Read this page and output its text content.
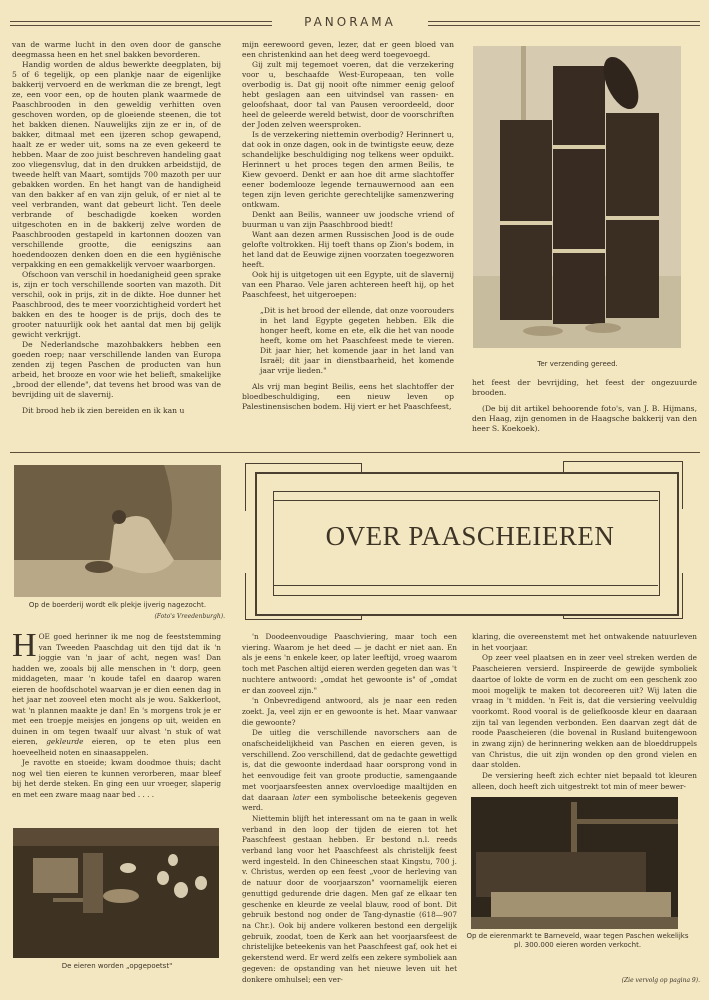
PANORAMA

van de warme lucht in den oven door de gansche deegmassa heen en het snel bakken bevorderen.

Handig worden de aldus bewerkte deegplaten, bij 5 of 6 tegelijk, op een plankje naar de eigenlijke bakkerij vervoerd en de werkman die ze brengt, legt ze, een voor een, op de houten plank waarmede de Paaschbrooden in den geweldig verhitten oven geschoven worden, op de gloeiende steenen, die tot het bakken dienen. Nauwelijks zijn ze er in, of de bakker, ditmaal met een ijzeren schop gewapend, haalt ze er weder uit, soms na ze even gekeerd te hebben. Maar de zoo juist beschreven handeling gaat zoo vliegensvlug, dat in den drukken arbeidstijd, de tweede helft van Maart, somtijds 700 mazoth per uur gebakken worden. En het hangt van de handigheid van den bakker af en van zijn geluk, of er niet al te veel verbranden, want dat gebeurt licht. Ten deele verbrande of beschadigde koeken worden uitgeschoten en in de bakkerij zelve worden de Paaschbrooden gestapeld in kartonnen doozen van verschillende grootte, die eenigszins aan hoedendoozen denken doen en die een hygiënische verpakking en een gemakkelijk vervoer waarborgen.

Ofschoon van verschil in hoedanigheid geen sprake is, zijn er toch verschillende soorten van mazoth. Dit verschil, ook in prijs, zit in de dikte. Hoe dunner het Paaschbrood, des te meer voorzichtigheid vordert het bakken en des te hooger is de prijs, doch des te grooter natuurlijk ook het aantal dat men bij gelijk gewicht verkrijgt.

De Nederlandsche mazohbakkers hebben een goeden roep; naar verschillende landen van Europa zenden zij tegen Paschen de producten van hun arbeid, het brooze en voor wie het belieft, smakelijke „brood der ellende", dat tevens het brood was van de bevrijding uit de slavernij.

Dit brood heb ik zien bereiden en ik kan u

mijn eerewoord geven, lezer, dat er geen bloed van een christenkind aan het deeg werd toegevoegd.

Gij zult mij tegemoet voeren, dat die verzekering voor u, beschaafde West-Europeaan, ten volle overbodig is. Dat gij nooit ofte nimmer eenig geloof hebt geslagen aan een uitvindsel van rassen- en geloofshaat, door tal van Pausen veroordeeld, door heel de geleerde wereld betwist, door de voorschriften der Joden zelven weersproken.

Is de verzekering niettemin overbodig? Herinnert u, dat ook in onze dagen, ook in de twintigste eeuw, deze schandelijke beschuldiging nog telkens weer opduikt. Herinnert u het proces tegen den armen Beilis, te Kiew gevoerd. Denkt er aan hoe dit arme slachtoffer eener bodemlooze legende ternauwernood aan een tegen zijn leven gerichte gerechtelijke samenzwering ontkwam.

Denkt aan Beilis, wanneer uw joodsche vriend of buurman u van zijn Paaschbrood biedt!

Want aan dezen armen Russischen Jood is de oude gelofte voltrokken. Hij toeft thans op Zion's bodem, in het land dat de Eeuwige zijnen voorzaten toegezworen heeft.

Ook hij is uitgetogen uit een Egypte, uit de slavernij van een Pharao. Vele jaren achtereen heeft hij, op het Paaschfeest, het uitgeroepen:

„Dit is het brood der ellende, dat onze voorouders in het land Egypte gegeten hebben. Elk die honger heeft, kome en ete, elk die het van noode heeft, kome om het Paaschfeest mede te vieren. Dit jaar hier, het komende jaar in het land van Israël; dit jaar in dienstbaarheid, het komende jaar vrije lieden."

Als vrij man begint Beilis, eens het slachtoffer der bloedbeschuldiging, een nieuw leven op Palestinensischen bodem. Hij viert er het Paaschfeest,

Ter verzending gereed.

het feest der bevrijding, het feest der ongezuurde brooden.

(De bij dit artikel behoorende foto's, van J. B. Hijmans, den Haag, zijn genomen in de Haagsche bakkerij van den heer S. Koekoek).

Op de boerderij wordt elk plekje ijverig nagezocht.
(Foto's Vreedenburgh).
OVER PAASCHEIEREN

HOE goed herinner ik me nog de feeststemming van Tweeden Paaschdag uit den tijd dat ik 'n joggie van 'n jaar of acht, negen was! Dan hadden we, zooals bij alle menschen in 't dorp, geen middageten, maar 'n koude tafel en daarop waren eieren de hoofdschotel waarvan je er dien eenen dag in het jaar net zooveel eten mocht als je wou. Sakkerloot, wat 'n plannen maakte je dan! En 's morgens trok je er met een troepje meisjes en jongens op uit, weiden en duinen in om tegen twaalf uur alvast 'n stuk of wat eieren, gekleurde eieren, op te eten plus een hoeveelheid noten en sinaasappelen.

Je ravotte en stoeide; kwam doodmoe thuis; dacht nog wel tien eieren te kunnen verorberen, maar bleef bij het derde steken. En ging een uur vroeger, slaperig en met een zware maag naar bed . . . .

De eieren worden „opgepoetst"

'n Doodeenvoudige Paaschviering, maar toch een viering. Waarom je het deed — je dacht er niet aan. En als je eens 'n enkele keer, op later leeftijd, vroeg waarom toch met Paschen altijd eieren werden gegeten dan was 't nuchtere antwoord: „omdat het gewoonte is" of „omdat er dan zooveel zijn."

'n Onbevredigend antwoord, als je naar een reden zoekt. Ja, veel zijn er en gewoonte is het. Maar vanwaar die gewoonte?

De uitleg die verschillende navorschers aan de onafscheidelijkheid van Paschen en eieren geven, is verschillend. Zoo verschillend, dat de gedachte gewettigd is, dat die gewoonte inderdaad haar oorsprong vond in het eenvoudige feit van groote productie, samengaande met voorjaarsfeesten annex overvloedige maaltijden en dat daaraan later een symbolische beteekenis gegeven werd.

Niettemin blijft het interessant om na te gaan in welk verband in den loop der tijden de eieren tot het Paaschfeest gestaan hebben. Er bestond n.l. reeds verband lang voor het Paaschfeest als christelijk feest werd ingesteld. In den Chineeschen staat Kingstu, 700 j. v. Christus, werden op een feest „voor de herleving van de natuur door de voorjaarszon" voornamelijk eieren genuttigd gedurende drie dagen. Men gaf ze elkaar ten geschenke en kleurde ze veelal blauw, rood of bont. Dit gebruik bestond nog onder de Tang-dynastie (618—907 na Chr.). Ook bij andere volkeren bestond een dergelijk gebruik, zoodat, toen de Kerk aan het voorjaarsfeest de christelijke beteekenis van het Paaschfeest gaf, ook het ei gekerstend werd. Er werd zelfs een zekere symboliek aan gegeven: de opstanding van het nieuwe leven uit het donkere omhulsel; een ver-

klaring, die overeenstemt met het ontwakende natuurleven in het voorjaar.

Op zeer veel plaatsen en in zeer veel streken werden de Paascheieren versierd. Inspireerde de gewijde symboliek daartoe of lokte de vorm en de zucht om een geschenk zoo mooi mogelijk te maken tot decoreeren uit? Wij laten die vraag in 't midden. 'n Feit is, dat die versiering veelvuldig voorkomt. Rood vooral is de geliefkoosde kleur en daaraan zijn tal van legenden verbonden. Een daarvan zegt dát de roode Paascheieren (die bovenal in Rusland buitengewoon in zwang zijn) de herinnering wekken aan de bloeddruppels van Christus, die uit zijn wonden op den grond vielen en daar stolden.

De versiering heeft zich echter niet bepaald tot kleuren alleen, doch heeft zich uitgestrekt tot min of meer bewer-

Op de eierenmarkt te Barneveld, waar tegen Paschen wekelijks pl. 300.000 eieren worden verkocht.
(Zie vervolg op pagina 9).
